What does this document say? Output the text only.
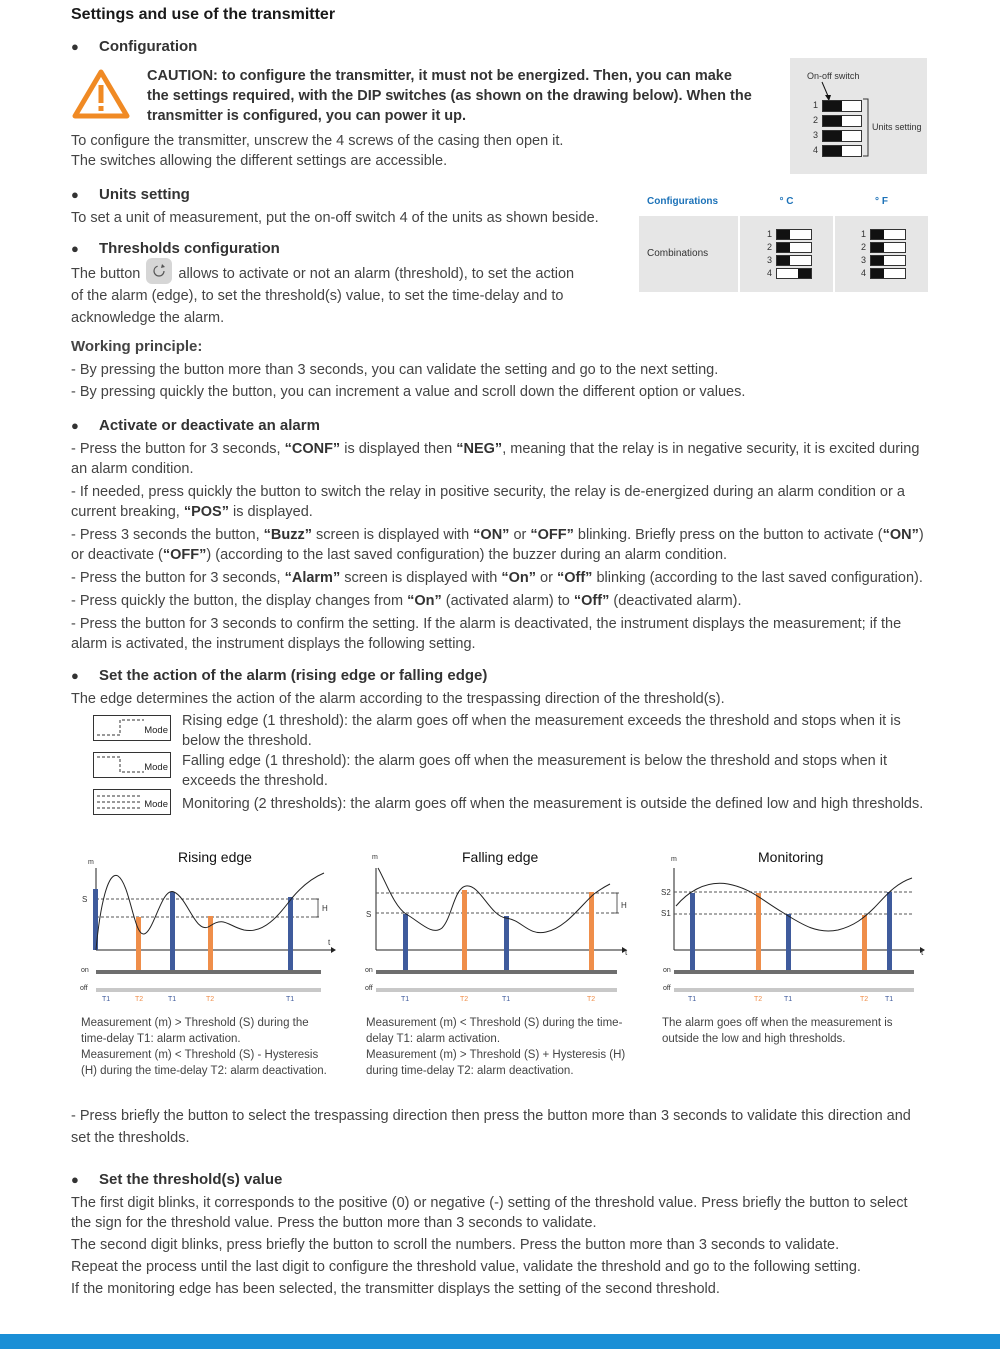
Settings and use of the transmitter
● Configuration
CAUTION: to configure the transmitter, it must not be energized. Then, you can make
the settings required, with the DIP switches (as shown on the drawing below). When the
transmitter is configured, you can power it up.
To configure the transmitter, unscrew the 4 screws of the casing then open it.
The switches allowing the different settings are accessible.
On-off switch
1
2
3
4
Units setting
● Units setting
To set a unit of measurement, put the on-off switch 4 of the units as shown beside.
Configurations	° C	° F
Combinations
1
2
3
4
1
2
3
4
● Thresholds configuration
The button	allows to activate or not an alarm (threshold), to set the action
of the alarm (edge), to set the threshold(s) value, to set the time-delay and to
acknowledge the alarm.
Working principle:
- By pressing the button more than 3 seconds, you can validate the setting and go to the next setting.
- By pressing quickly the button, you can increment a value and scroll down the different option or values.
● Activate or deactivate an alarm
- Press the button for 3 seconds, “CONF” is displayed then “NEG”, meaning that the relay is in negative security, it is excited during
an alarm condition.
- If needed, press quickly the button to switch the relay in positive security, the relay is de-energized during an alarm condition or a
current breaking, “POS” is displayed.
- Press 3 seconds the button, “Buzz” screen is displayed with “ON” or “OFF” blinking. Briefly press on the button to activate (“ON”)
or deactivate (“OFF”) (according to the last saved configuration) the buzzer during an alarm condition.
- Press the button for 3 seconds, “Alarm” screen is displayed with “On” or “Off” blinking (according to the last saved configuration).
- Press quickly the button, the display changes from “On” (activated alarm) to “Off” (deactivated alarm).
- Press the button for 3 seconds to confirm the setting. If the alarm is deactivated, the instrument displays the measurement; if the
alarm is activated, the instrument displays the following setting.
● Set the action of the alarm (rising edge or falling edge)
The edge determines the action of the alarm according to the trespassing direction of the threshold(s).
Mode
Mode
Mode
Rising edge (1 threshold): the alarm goes off when the measurement exceeds the threshold and stops when it is
below the threshold.
Falling edge (1 threshold): the alarm goes off when the measurement is below the threshold and stops when it
exceeds the threshold.
Monitoring (2 thresholds): the alarm goes off when the measurement is outside the defined low and high thresholds.
Rising edge
m
S
H
t
on
off
T1	T2	T1	T2	T1
Measurement (m) > Threshold (S) during the
time-delay T1: alarm activation.
Measurement (m) < Threshold (S) - Hysteresis
(H) during the time-delay T2: alarm deactivation.
Falling edge
m
S
H
t
on
off
T1	T2	T1	T2
Measurement (m) < Threshold (S) during the time-
delay T1: alarm activation.
Measurement (m) > Threshold (S) + Hysteresis (H)
during time-delay T2: alarm deactivation.
Monitoring
m
S2
S1
t
on
off
T1	T2	T1	T2 T1
The alarm goes off when the measurement is
outside the low and high thresholds.
- Press briefly the button to select the trespassing direction then press the button more than 3 seconds to validate this direction and
set the thresholds.
● Set the threshold(s) value
The first digit blinks, it corresponds to the positive (0) or negative (-) setting of the threshold value. Press briefly the button to select
the sign for the threshold value. Press the button more than 3 seconds to validate.
The second digit blinks, press briefly the button to scroll the numbers. Press the button more than 3 seconds to validate.
Repeat the process until the last digit to configure the threshold value, validate the threshold and go to the following setting.
If the monitoring edge has been selected, the transmitter displays the setting of the second threshold.
